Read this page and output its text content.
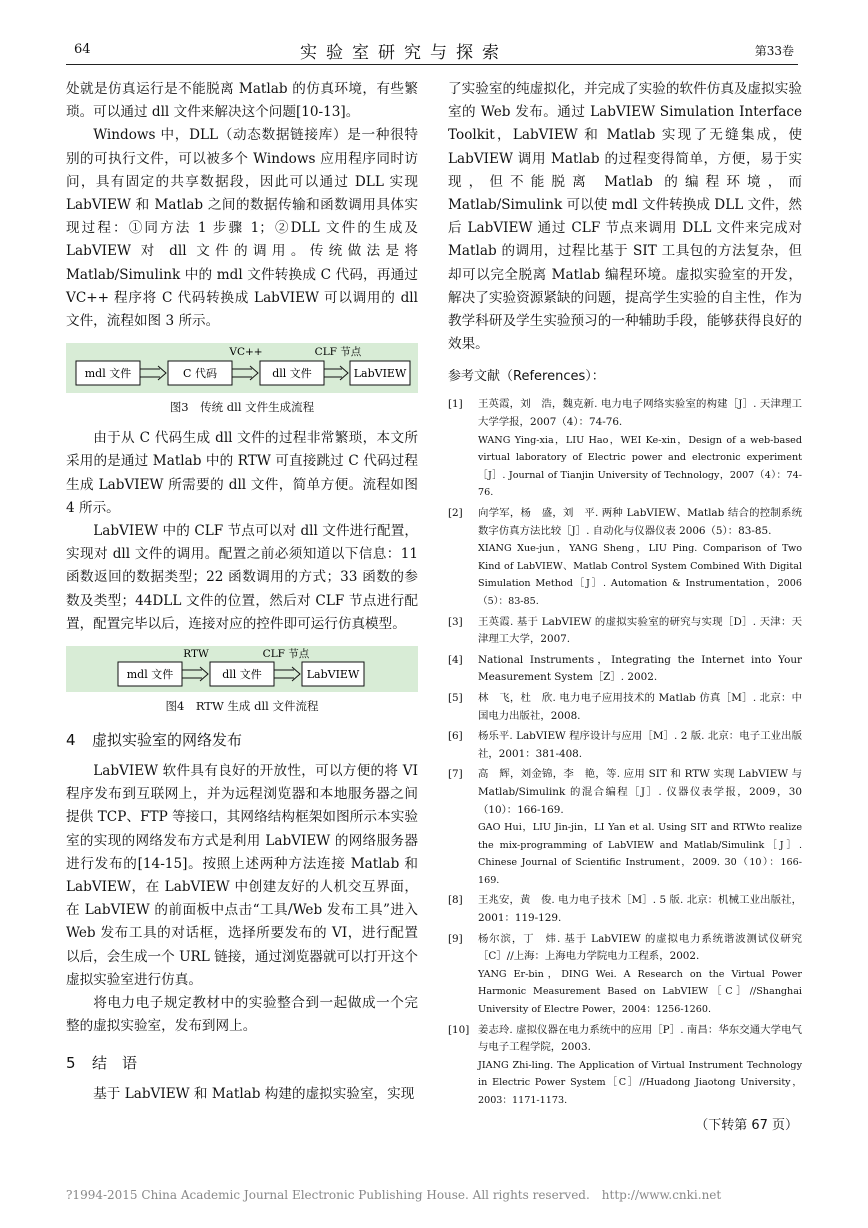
64	实验室研究与探索	第33卷

处就是仿真运行是不能脱离 Matlab 的仿真环境，有些繁琐。可以通过 dll 文件来解决这个问题[10-13]。

Windows 中，DLL（动态数据链接库）是一种很特别的可执行文件，可以被多个 Windows 应用程序同时访问，具有固定的共享数据段，因此可以通过 DLL 实现 LabVIEW 和 Matlab 之间的数据传输和函数调用具体实现过程：①同方法 1 步骤 1；②DLL 文件的生成及 LabVIEW 对 dll 文件的调用。传统做法是将 Matlab/Simulink 中的 mdl 文件转换成 C 代码，再通过 VC++ 程序将 C 代码转换成 LabVIEW 可以调用的 dll 文件，流程如图 3 所示。

mdl 文件	C 代码	dll 文件	LabVIEW
VC++	CLF 节点
图3　传统 dll 文件生成流程

由于从 C 代码生成 dll 文件的过程非常繁琐，本文所采用的是通过 Matlab 中的 RTW 可直接跳过 C 代码过程生成 LabVIEW 所需要的 dll 文件，简单方便。流程如图 4 所示。

LabVIEW 中的 CLF 节点可以对 dll 文件进行配置，实现对 dll 文件的调用。配置之前必须知道以下信息：11 函数返回的数据类型；22 函数调用的方式；33 函数的参数及类型；44DLL 文件的位置，然后对 CLF 节点进行配置，配置完毕以后，连接对应的控件即可运行仿真模型。

mdl 文件	dll 文件	LabVIEW
RTW	CLF 节点
图4　RTW 生成 dll 文件流程
4 虚拟实验室的网络发布

LabVIEW 软件具有良好的开放性，可以方便的将 VI 程序发布到互联网上，并为远程浏览器和本地服务器之间提供 TCP、FTP 等接口，其网络结构框架如图所示本实验室的实现的网络发布方式是利用 LabVIEW 的网络服务器进行发布的[14-15]。按照上述两种方法连接 Matlab 和 LabVIEW，在 LabVIEW 中创建友好的人机交互界面，在 LabVIEW 的前面板中点击“工具/Web 发布工具”进入 Web 发布工具的对话框，选择所要发布的 VI，进行配置以后，会生成一个 URL 链接，通过浏览器就可以打开这个虚拟实验室进行仿真。

将电力电子规定教材中的实验整合到一起做成一个完整的虚拟实验室，发布到网上。

5 结　语

基于 LabVIEW 和 Matlab 构建的虚拟实验室，实现

了实验室的纯虚拟化，并完成了实验的软件仿真及虚拟实验室的 Web 发布。通过 LabVIEW Simulation Interface Toolkit，LabVIEW 和 Matlab 实现了无缝集成，使 LabVIEW 调用 Matlab 的过程变得简单，方便，易于实现，但不能脱离 Matlab 的编程环境，而 Matlab/Simulink 可以使 mdl 文件转换成 DLL 文件，然后 LabVIEW 通过 CLF 节点来调用 DLL 文件来完成对 Matlab 的调用，过程比基于 SIT 工具包的方法复杂，但却可以完全脱离 Matlab 编程环境。虚拟实验室的开发，解决了实验资源紧缺的问题，提高学生实验的自主性，作为教学科研及学生实验预习的一种辅助手段，能够获得良好的效果。

参考文献（References）：
[1]	王英霞，刘　浩，魏克新. 电力电子网络实验室的构建［J］. 天津理工大学学报，2007（4）：74-76.
WANG Ying-xia，LIU Hao，WEI Ke-xin，Design of a web-based virtual laboratory of Electric power and electronic experiment［J］. Journal of Tianjin University of Technology，2007（4）：74-76.
[2]	向学军，杨　盛，刘　平. 两种 LabVIEW、Matlab 结合的控制系统数字仿真方法比较［J］. 自动化与仪器仪表 2006（5）：83-85.
XIANG Xue-jun，YANG Sheng，LIU Ping. Comparison of Two Kind of LabVIEW、Matlab Control System Combined With Digital Simulation Method［J］. Automation & Instrumentation，2006（5）：83-85.
[3]	王英霞. 基于 LabVIEW 的虚拟实验室的研究与实现［D］. 天津：天津理工大学，2007.
[4]	National Instruments，Integrating the Internet into Your Measurement System［Z］. 2002.
[5]	林　飞，杜　欣. 电力电子应用技术的 Matlab 仿真［M］. 北京：中国电力出版社，2008.
[6]	杨乐平. LabVIEW 程序设计与应用［M］. 2 版. 北京：电子工业出版社，2001：381-408.
[7]	高　辉，刘金锦，李　艳，等. 应用 SIT 和 RTW 实现 LabVIEW 与 Matlab/Simulink 的混合编程［J］. 仪器仪表学报，2009，30（10）：166-169.
GAO Hui，LIU Jin-jin，LI Yan et al. Using SIT and RTWto realize the mix-programming of LabVIEW and Matlab/Simulink［J］. Chinese Journal of Scientific Instrument，2009. 30（10）：166-169.
[8]	王兆安，黄　俊. 电力电子技术［M］. 5 版. 北京：机械工业出版社，2001：119-129.
[9]	杨尔滨，丁　炜. 基于 LabVIEW 的虚拟电力系统谐波测试仪研究［C］//上海：上海电力学院电力工程系，2002.
YANG Er-bin，DING Wei. A Research on the Virtual Power Harmonic Measurement Based on LabVIEW［C］//Shanghai University of Electre Power，2004：1256-1260.
[10] 姜志玲. 虚拟仪器在电力系统中的应用［P］. 南昌：华东交通大学电气与电子工程学院，2003.
JIANG Zhi-ling. The Application of Virtual Instrument Technology in Electric Power System［C］//Huadong Jiaotong University，2003：1171-1173.
（下转第 67 页）
?1994-2015 China Academic Journal Electronic Publishing House. All rights reserved.　http://www.cnki.net
